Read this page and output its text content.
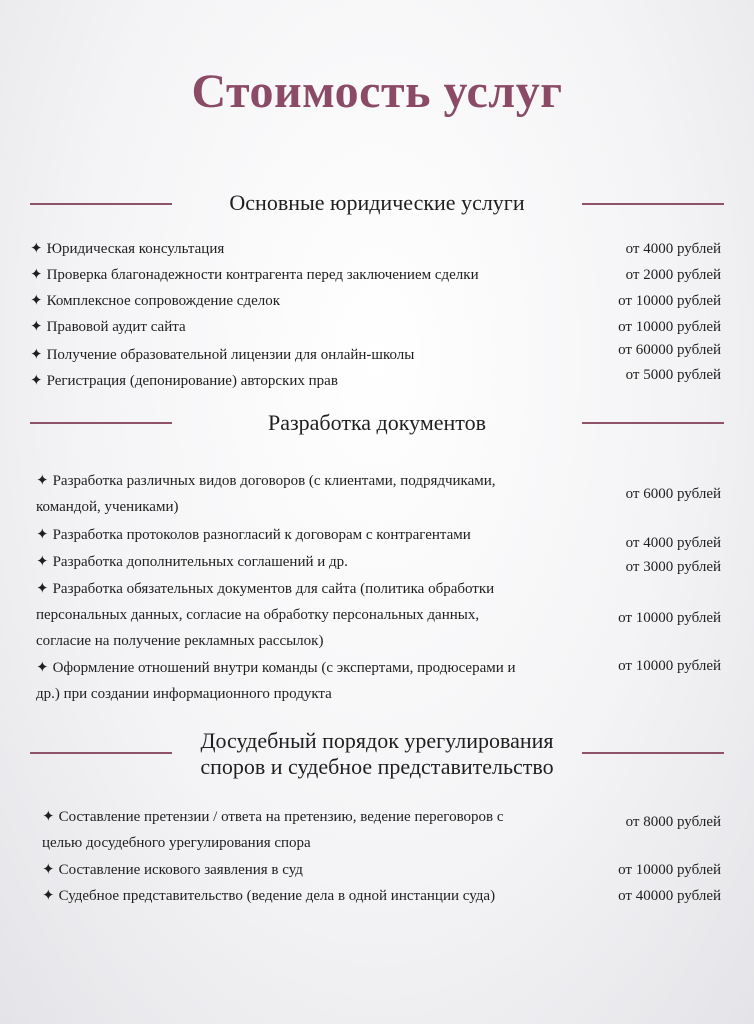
Стоимость услуг
Основные юридические услуги
✦ Юридическая консультация	от 4000 рублей
✦ Проверка благонадежности контрагента перед заключением сделки	от 2000 рублей
✦ Комплексное сопровождение сделок	от 10000 рублей
✦ Правовой аудит сайта	от 10000 рублей
✦ Получение образовательной лицензии для онлайн-школы	от 60000 рублей
✦ Регистрация (депонирование) авторских прав	от 5000 рублей
Разработка документов
✦ Разработка различных видов договоров (с клиентами, подрядчиками,
командой, учениками)
от 6000 рублей
✦ Разработка протоколов разногласий к договорам с контрагентами	от 4000 рублей
✦ Разработка дополнительных соглашений и др.	от 3000 рублей
✦ Разработка обязательных документов для сайта (политика обработки
персональных данных, согласие на обработку персональных данных,
согласие на получение рекламных рассылок)
от 10000 рублей
✦ Оформление отношений внутри команды (с экспертами, продюсерами и
др.) при создании информационного продукта
от 10000 рублей
Досудебный порядок урегулирования
споров и судебное представительство
✦ Составление претензии / ответа на претензию, ведение переговоров с
целью досудебного урегулирования спора
от 8000 рублей
✦ Составление искового заявления в суд	от 10000 рублей
✦ Судебное представительство (ведение дела в одной инстанции суда)	от 40000 рублей
